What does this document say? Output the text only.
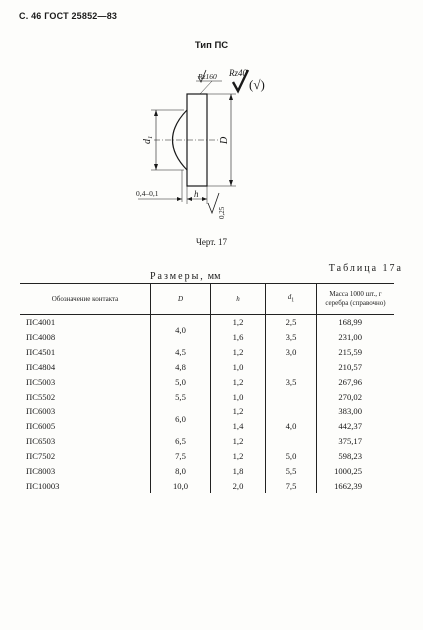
С. 46 ГОСТ 25852—83
Тип ПС
$d_1$	D
h
0,4–0,1
Rz160 Rz40
(√)
0,25
Черт. 17
Таблица 17а
Размеры, мм
Обозначение контакта	D	h	$d_1$	Масса 1000 шт., г серебра (справочно)
ПС4001	4,0	1,2	2,5	168,99
ПС4008		1,6	3,5	231,00
ПС4501	4,5	1,2	3,0	215,59
ПС4804	4,8	1,0	3,5	210,57
ПС5003	5,0	1,2		267,96
ПС5502	5,5	1,0		270,02
ПС6003	6,0	1,2	4,0	383,00
ПС6005		1,4		442,37
ПС6503	6,5	1,2		375,17
ПС7502	7,5	1,2	5,0	598,23
ПС8003	8,0	1,8	5,5	1000,25
ПС10003	10,0	2,0	7,5	1662,39
